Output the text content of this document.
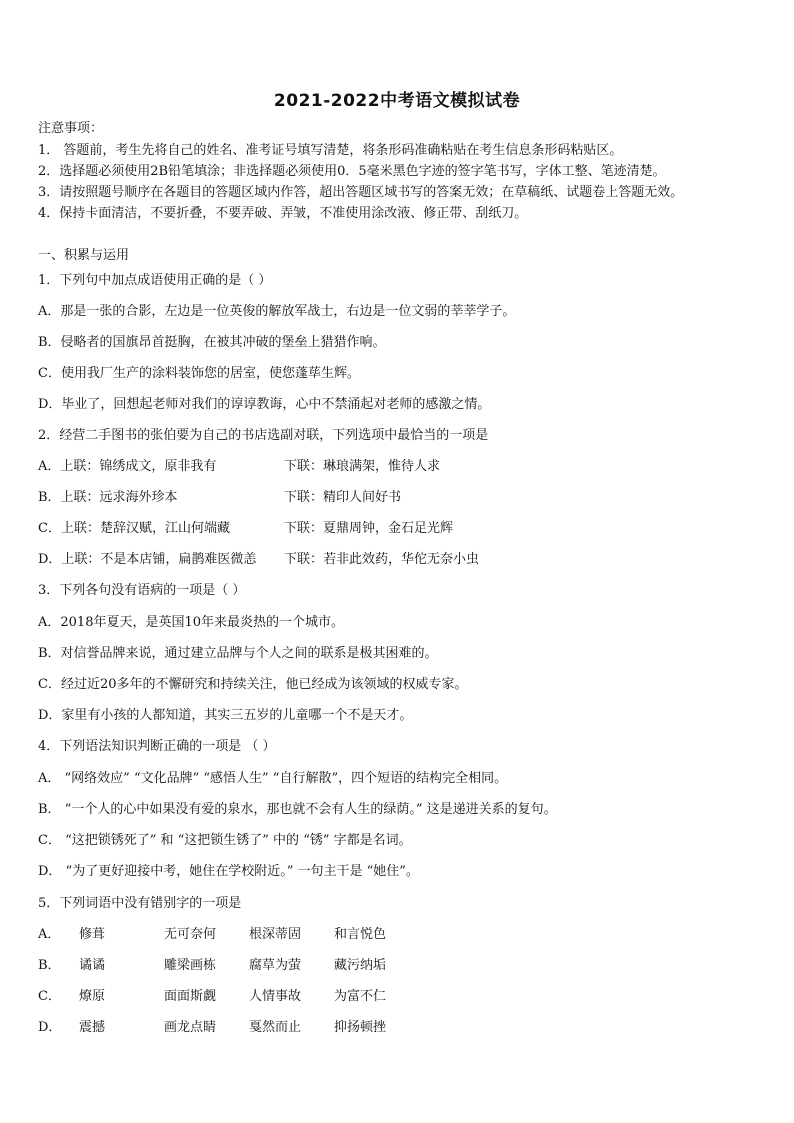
2021-2022中考语文模拟试卷
注意事项：
1． 答题前，考生先将自己的姓名、准考证号填写清楚，将条形码准确粘贴在考生信息条形码粘贴区。
2．选择题必须使用2B铅笔填涂；非选择题必须使用0．5毫米黑色字迹的签字笔书写，字体工整、笔迹清楚。
3．请按照题号顺序在各题目的答题区域内作答，超出答题区域书写的答案无效；在草稿纸、试题卷上答题无效。
4．保持卡面清洁，不要折叠，不要弄破、弄皱，不准使用涂改液、修正带、刮纸刀。
一、积累与运用
1．下列句中加点成语使用正确的是（ ）
A．那是一张的合影，左边是一位英俊的解放军战士，右边是一位文弱的莘莘学子。
B．侵略者的国旗昂首挺胸，在被其冲破的堡垒上猎猎作响。
C．使用我厂生产的涂料装饰您的居室，使您蓬荜生辉。
D．毕业了，回想起老师对我们的谆谆教诲，心中不禁涌起对老师的感激之情。
2．经营二手图书的张伯要为自己的书店选副对联，下列选项中最恰当的一项是
A．上联：锦绣成文，原非我有	下联：琳琅满架，惟待人求
B．上联：远求海外珍本	下联：精印人间好书
C．上联：楚辞汉赋，江山何端藏	下联：夏鼎周钟，金石足光辉
D．上联：不是本店铺，扁鹊难医微恙	下联：若非此效药，华佗无奈小虫
3．下列各句没有语病的一项是（ ）
A．2018年夏天，是英国10年来最炎热的一个城市。
B．对信誉品牌来说，通过建立品牌与个人之间的联系是极其困难的。
C．经过近20多年的不懈研究和持续关注，他已经成为该领域的权威专家。
D．家里有小孩的人都知道，其实三五岁的儿童哪一个不是天才。
4．下列语法知识判断正确的一项是 （ ）
A． “网络效应” “文化品牌” “感悟人生” “自行解散”，四个短语的结构完全相同。
B． “一个人的心中如果没有爱的泉水，那也就不会有人生的绿荫。” 这是递进关系的复句。
C． “这把锁锈死了” 和 “这把锁生锈了” 中的 “锈” 字都是名词。
D． “为了更好迎接中考，她住在学校附近。” 一句主干是 “她住”。
5．下列词语中没有错别字的一项是
A．	修葺	无可奈何	根深蒂固	和言悦色
B．	谲谲	雕梁画栋	腐草为萤	藏污纳垢
C．	燎原	面面斯觑	人情事故	为富不仁
D．	震撼	画龙点睛	戛然而止	抑扬顿挫
